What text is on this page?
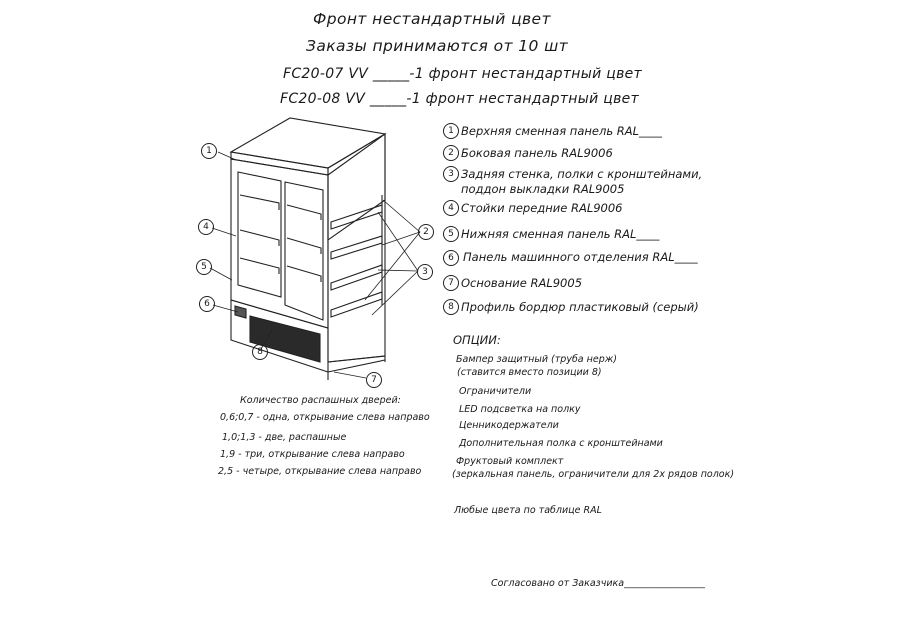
Фронт нестандартный цвет
Заказы принимаются от 10 шт
FC20-07 VV _____-1 фронт нестандартный цвет
FC20-08 VV _____-1 фронт нестандартный цвет
1
4
5
6
8
7
2
3
1 Верхняя сменная панель RAL____
2 Боковая панель RAL9006
3 Задняя стенка, полки с кронштейнами,
поддон выкладки RAL9005
4 Стойки передние RAL9006
5 Нижняя сменная панель RAL____
6 Панель машинного отделения RAL____
7 Основание RAL9005
8 Профиль бордюр пластиковый (серый)
ОПЦИИ:
Бампер защитный (труба нерж)
(ставится вместо позиции 8)
Ограничители
LED подсветка на полку
Ценникодержатели
Дополнительная полка с кронштейнами
Фруктовый комплект
(зеркальная панель, ограничители для 2х рядов полок)
Количество распашных дверей:
0,6;0,7 - одна, открывание слева направо
1,0;1,3 - две, распашные
1,9 - три, открывание слева направо
2,5 - четыре, открывание слева направо
Любые цвета по таблице RAL
Согласовано от Заказчика_________________
